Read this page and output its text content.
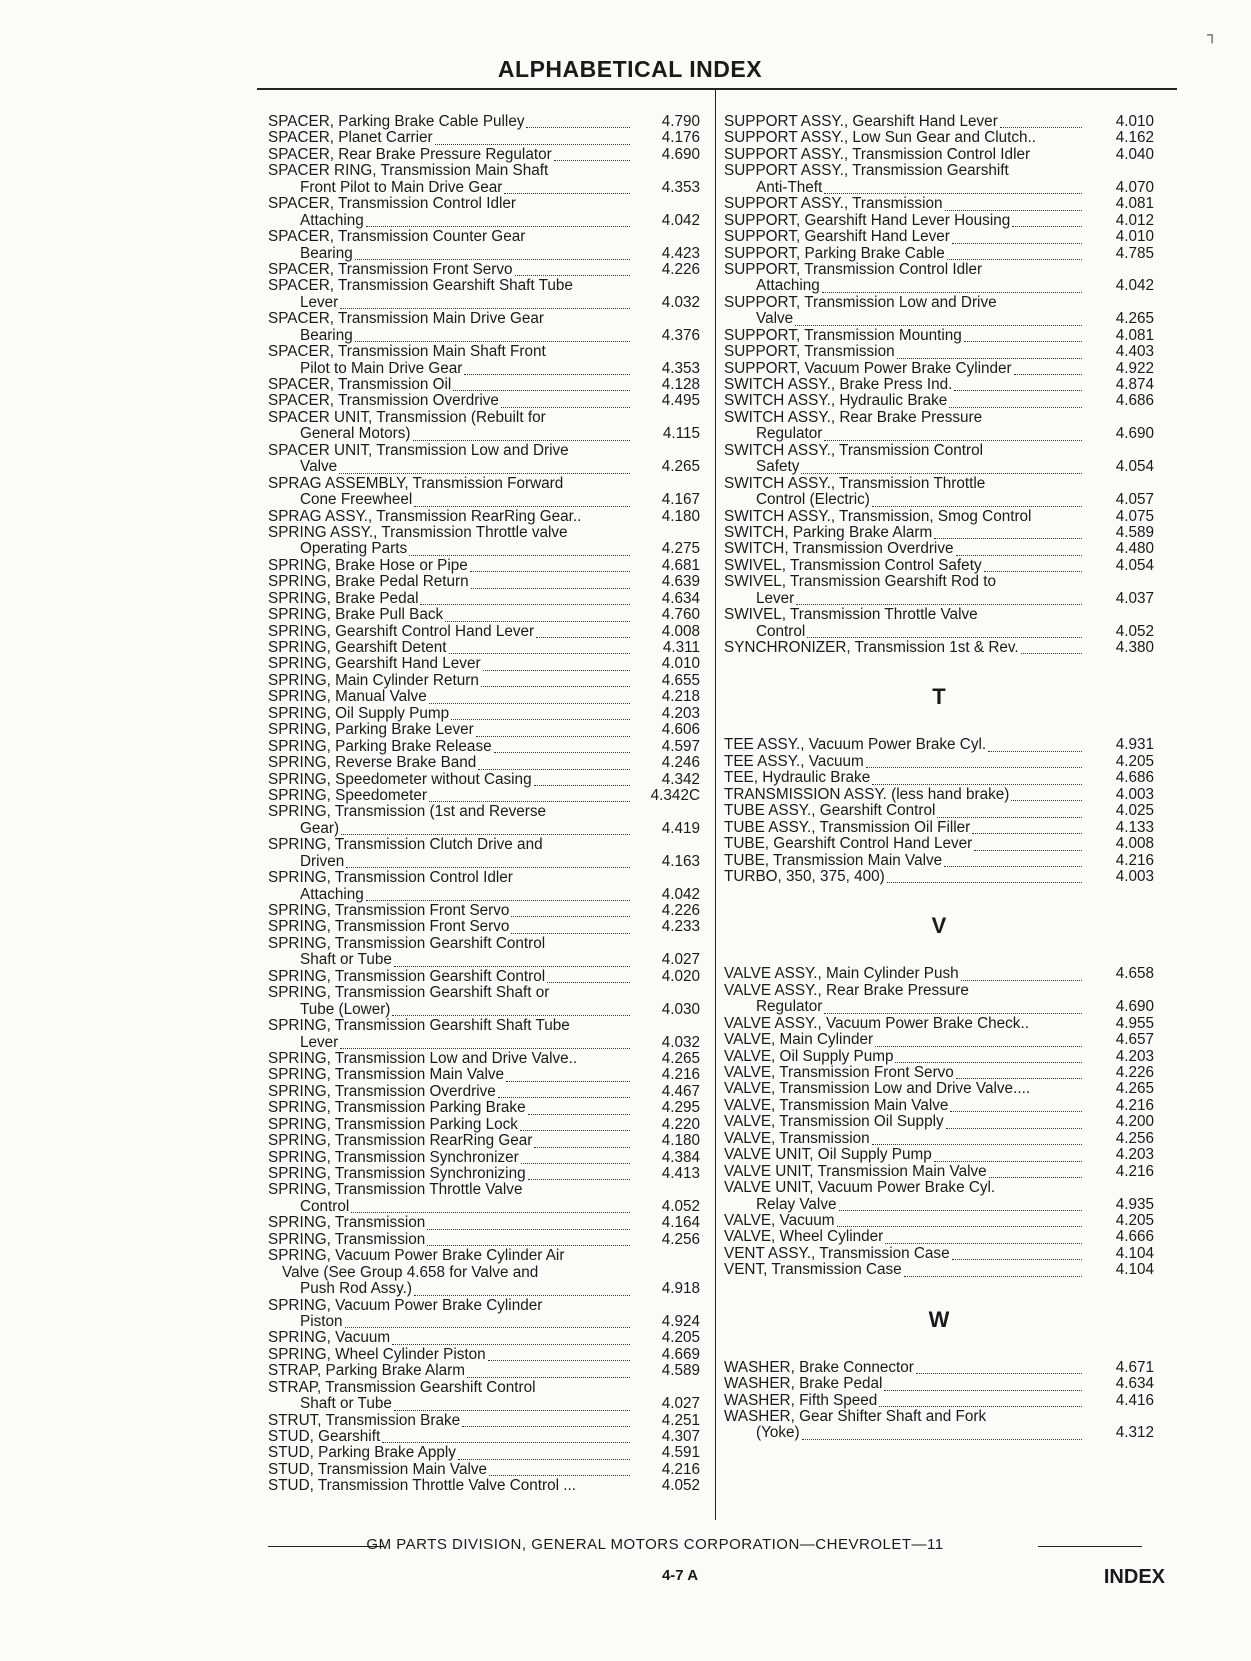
┐
ALPHABETICAL INDEX
SPACER, Parking Brake Cable Pulley	4.790
SPACER, Planet Carrier	4.176
SPACER, Rear Brake Pressure Regulator	4.690
SPACER RING, Transmission Main Shaft
Front Pilot to Main Drive Gear	4.353
SPACER, Transmission Control Idler
Attaching	4.042
SPACER, Transmission Counter Gear
Bearing	4.423
SPACER, Transmission Front Servo	4.226
SPACER, Transmission Gearshift Shaft Tube
Lever	4.032
SPACER, Transmission Main Drive Gear
Bearing	4.376
SPACER, Transmission Main Shaft Front
Pilot to Main Drive Gear	4.353
SPACER, Transmission Oil	4.128
SPACER, Transmission Overdrive	4.495
SPACER UNIT, Transmission (Rebuilt for
General Motors)	4.115
SPACER UNIT, Transmission Low and Drive
Valve	4.265
SPRAG ASSEMBLY, Transmission Forward
Cone Freewheel	4.167
SPRAG ASSY., Transmission RearRing Gear..	4.180
SPRING ASSY., Transmission Throttle valve
Operating Parts	4.275
SPRING, Brake Hose or Pipe	4.681
SPRING, Brake Pedal Return	4.639
SPRING, Brake Pedal	4.634
SPRING, Brake Pull Back	4.760
SPRING, Gearshift Control Hand Lever	4.008
SPRING, Gearshift Detent	4.311
SPRING, Gearshift Hand Lever	4.010
SPRING, Main Cylinder Return	4.655
SPRING, Manual Valve	4.218
SPRING, Oil Supply Pump	4.203
SPRING, Parking Brake Lever	4.606
SPRING, Parking Brake Release	4.597
SPRING, Reverse Brake Band	4.246
SPRING, Speedometer without Casing	4.342
SPRING, Speedometer	4.342C
SPRING, Transmission (1st and Reverse
Gear)	4.419
SPRING, Transmission Clutch Drive and
Driven	4.163
SPRING, Transmission Control Idler
Attaching	4.042
SPRING, Transmission Front Servo	4.226
SPRING, Transmission Front Servo	4.233
SPRING, Transmission Gearshift Control
Shaft or Tube	4.027
SPRING, Transmission Gearshift Control	4.020
SPRING, Transmission Gearshift Shaft or
Tube (Lower)	4.030
SPRING, Transmission Gearshift Shaft Tube
Lever	4.032
SPRING, Transmission Low and Drive Valve..	4.265
SPRING, Transmission Main Valve	4.216
SPRING, Transmission Overdrive	4.467
SPRING, Transmission Parking Brake	4.295
SPRING, Transmission Parking Lock	4.220
SPRING, Transmission RearRing Gear	4.180
SPRING, Transmission Synchronizer	4.384
SPRING, Transmission Synchronizing	4.413
SPRING, Transmission Throttle Valve
Control	4.052
SPRING, Transmission	4.164
SPRING, Transmission	4.256
SPRING, Vacuum Power Brake Cylinder Air
Valve (See Group 4.658 for Valve and
Push Rod Assy.)	4.918
SPRING, Vacuum Power Brake Cylinder
Piston	4.924
SPRING, Vacuum	4.205
SPRING, Wheel Cylinder Piston	4.669
STRAP, Parking Brake Alarm	4.589
STRAP, Transmission Gearshift Control
Shaft or Tube	4.027
STRUT, Transmission Brake	4.251
STUD, Gearshift	4.307
STUD, Parking Brake Apply	4.591
STUD, Transmission Main Valve	4.216
STUD, Transmission Throttle Valve Control ...	4.052
SUPPORT ASSY., Gearshift Hand Lever	4.010
SUPPORT ASSY., Low Sun Gear and Clutch..	4.162
SUPPORT ASSY., Transmission Control Idler	4.040
SUPPORT ASSY., Transmission Gearshift
Anti-Theft	4.070
SUPPORT ASSY., Transmission	4.081
SUPPORT, Gearshift Hand Lever Housing	4.012
SUPPORT, Gearshift Hand Lever	4.010
SUPPORT, Parking Brake Cable	4.785
SUPPORT, Transmission Control Idler
Attaching	4.042
SUPPORT, Transmission Low and Drive
Valve	4.265
SUPPORT, Transmission Mounting	4.081
SUPPORT, Transmission	4.403
SUPPORT, Vacuum Power Brake Cylinder	4.922
SWITCH ASSY., Brake Press Ind.	4.874
SWITCH ASSY., Hydraulic Brake	4.686
SWITCH ASSY., Rear Brake Pressure
Regulator	4.690
SWITCH ASSY., Transmission Control
Safety	4.054
SWITCH ASSY., Transmission Throttle
Control (Electric)	4.057
SWITCH ASSY., Transmission, Smog Control	4.075
SWITCH, Parking Brake Alarm	4.589
SWITCH, Transmission Overdrive	4.480
SWIVEL, Transmission Control Safety	4.054
SWIVEL, Transmission Gearshift Rod to
Lever	4.037
SWIVEL, Transmission Throttle Valve
Control	4.052
SYNCHRONIZER, Transmission 1st & Rev.	4.380
T
TEE ASSY., Vacuum Power Brake Cyl.	4.931
TEE ASSY., Vacuum	4.205
TEE, Hydraulic Brake	4.686
TRANSMISSION ASSY. (less hand brake)	4.003
TUBE ASSY., Gearshift Control	4.025
TUBE ASSY., Transmission Oil Filler	4.133
TUBE, Gearshift Control Hand Lever	4.008
TUBE, Transmission Main Valve	4.216
TURBO, 350, 375, 400)	4.003
V
VALVE ASSY., Main Cylinder Push	4.658
VALVE ASSY., Rear Brake Pressure
Regulator	4.690
VALVE ASSY., Vacuum Power Brake Check..	4.955
VALVE, Main Cylinder	4.657
VALVE, Oil Supply Pump	4.203
VALVE, Transmission Front Servo	4.226
VALVE, Transmission Low and Drive Valve....	4.265
VALVE, Transmission Main Valve	4.216
VALVE, Transmission Oil Supply	4.200
VALVE, Transmission	4.256
VALVE UNIT, Oil Supply Pump	4.203
VALVE UNIT, Transmission Main Valve	4.216
VALVE UNIT, Vacuum Power Brake Cyl.
Relay Valve	4.935
VALVE, Vacuum	4.205
VALVE, Wheel Cylinder	4.666
VENT ASSY., Transmission Case	4.104
VENT, Transmission Case	4.104
W
WASHER, Brake Connector	4.671
WASHER, Brake Pedal	4.634
WASHER, Fifth Speed	4.416
WASHER, Gear Shifter Shaft and Fork
(Yoke)	4.312
GM PARTS DIVISION, GENERAL MOTORS CORPORATION—CHEVROLET—11
4-7 A	INDEX
